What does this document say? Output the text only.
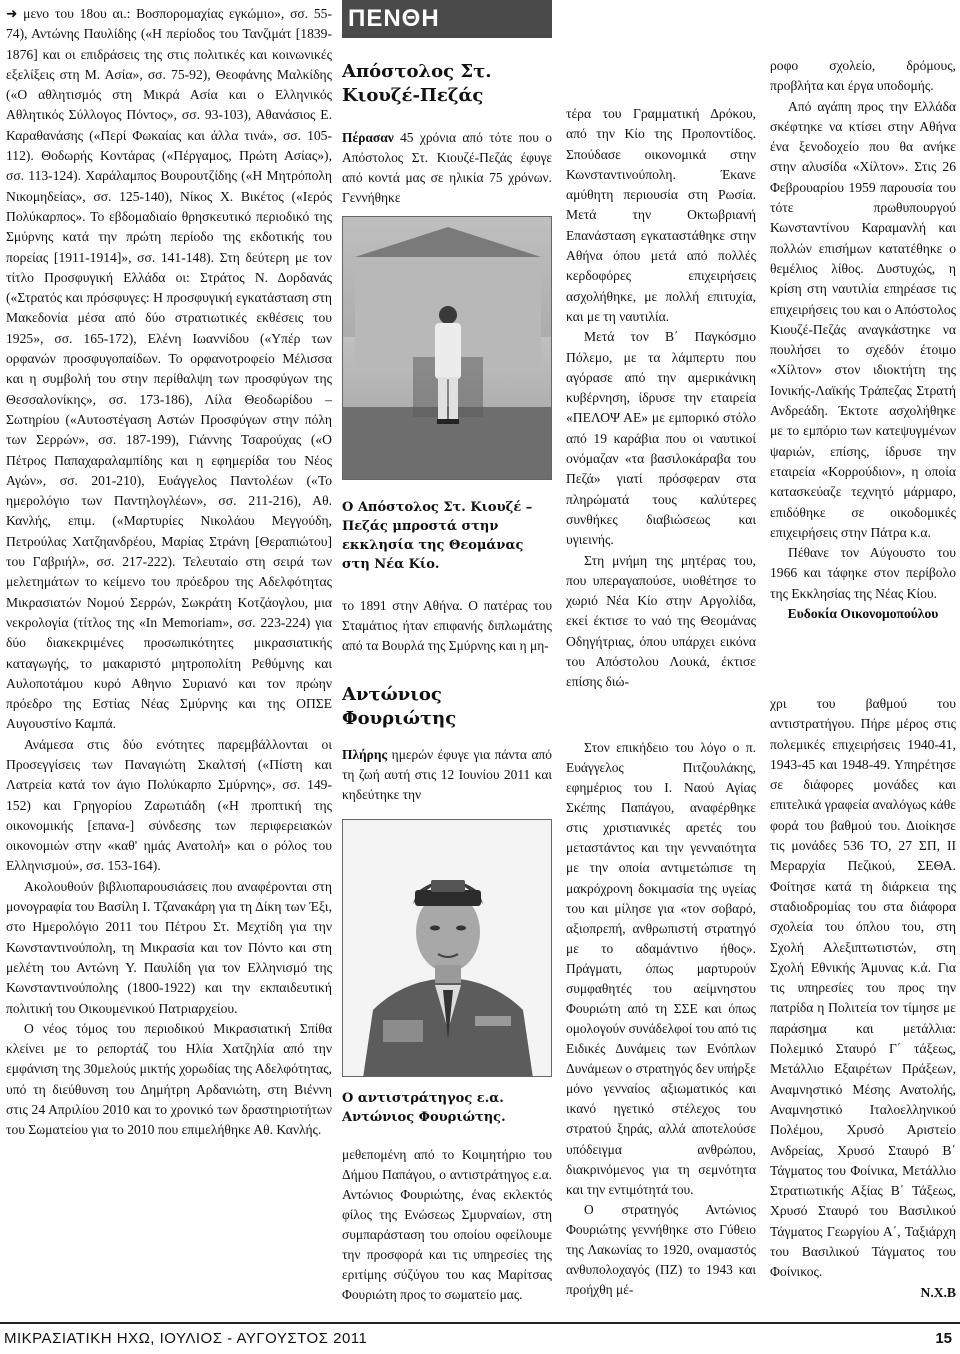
➜ μενο του 18ου αι.: Βοσπορομαχίας εγκώμιο», σσ. 55-74), Αντώνης Παυλίδης («Η περίοδος του Τανζιμάτ [1839-1876] και οι επιδράσεις της στις πολιτικές και κοινωνικές εξελίξεις στη Μ. Ασία», σσ. 75-92), Θεοφάνης Μαλκίδης («Ο αθλητισμός στη Μικρά Ασία και ο Ελληνικός Αθλητικός Σύλλογος Πόντος», σσ. 93-103), Αθανάσιος Ε. Καραθανάσης («Περί Φωκαίας και άλλα τινά», σσ. 105-112). Θοδωρής Κοντάρας («Πέργαμος, Πρώτη Ασίας»), σσ. 113-124). Χαράλαμπος Βουρουτζίδης («Η Μητρόπολη Νικομηδείας», σσ. 125-140), Νίκος Χ. Βικέτος («Ιερός Πολύκαρπος». Το εβδομαδιαίο θρησκευτικό περιοδικό της Σμύρνης κατά την πρώτη περίοδο της εκδοτικής του πορείας [1911-1914]», σσ. 141-148). Στη δεύτερη με τον τίτλο Προσφυγική Ελλάδα οι: Στράτος Ν. Δορδανάς («Στρατός και πρόσφυγες: Η προσφυγική εγκατάσταση στη Μακεδονία μέσα από δύο στρατιωτικές εκθέσεις του 1925», σσ. 165-172), Ελένη Ιωαννίδου («Υπέρ των ορφανών προσφυγοπαίδων. Το ορφανοτροφείο Μέλισσα και η συμβολή του στην περίθαλψη των προσφύγων της Θεσσαλονίκης», σσ. 173-186), Λίλα Θεοδωρίδου – Σωτηρίου («Αυτοστέγαση Αστών Προσφύγων στην πόλη των Σερρών», σσ. 187-199), Γιάννης Τσαρούχας («Ο Πέτρος Παπαχαραλαμπίδης και η εφημερίδα του Νέος Αγών», σσ. 201-210), Ευάγγελος Παντολέων («Το ημερολόγιο των Παντηλογλέων», σσ. 211-216), Αθ. Κανλής, επιμ. («Μαρτυρίες Νικολάου Μεγγούδη, Πετρούλας Χατζηανδρέου, Μαρίας Στράνη [Θεραπιώτου] του Γαβριήλ», σσ. 217-222). Τελευταίο στη σειρά των μελετημάτων το κείμενο του πρόεδρου της Αδελφότητας Μικρασιατών Νομού Σερρών, Σωκράτη Κοτζάογλου, μια νεκρολογία (τίτλος της «In Memoriam», σσ. 223-224) για δύο διακεκριμένες προσωπικότητες μικρασιατικής καταγωγής, το μακαριστό μητροπολίτη Ρεθύμνης και Αυλοποτάμου κυρό Αθηνιο Συριανό και τον πρώην πρόεδρο της Εστίας Νέας Σμύρνης και της ΟΠΣΕ Αυγουστίνο Καμπά.

Ανάμεσα στις δύο ενότητες παρεμβάλλονται οι Προσεγγίσεις των Παναγιώτη Σκαλτσή («Πίστη και Λατρεία κατά τον άγιο Πολύκαρπο Σμύρνης», σσ. 149-152) και Γρηγορίου Ζαρωτιάδη («Η προπτική της οικονομικής [επανα-] σύνδεσης των περιφερειακών οικονομιών στην «καθ' ημάς Ανατολή» και ο ρόλος του Ελληνισμού», σσ. 153-164).

Ακολουθούν βιβλιοπαρουσιάσεις που αναφέρονται στη μονογραφία του Βασίλη Ι. Τζανακάρη για τη Δίκη των Έξι, στο Ημερολόγιο 2011 του Πέτρου Στ. Μεχτίδη για την Κωνσταντινούπολη, τη Μικρασία και τον Πόντο και στη μελέτη του Αντώνη Υ. Παυλίδη για τον Ελληνισμό της Κωνσταντινούπολης (1800-1922) και την εκπαιδευτική πολιτική του Οικουμενικού Πατριαρχείου.

Ο νέος τόμος του περιοδικού Μικρασιατική Σπίθα κλείνει με το ρεπορτάζ του Ηλία Χατζηλία από την εμφάνιση της 30μελούς μικτής χορωδίας της Αδελφότητας, υπό τη διεύθυνση του Δημήτρη Αρδανιώτη, στη Βιέννη στις 24 Απριλίου 2010 και το χρονικό των δραστηριοτήτων του Σωματείου για το 2010 που επιμελήθηκε Αθ. Κανλής.

ΠΕΝΘΗ
Απόστολος Στ. Κιουζέ-Πεζάς

Πέρασαν 45 χρόνια από τότε που ο Απόστολος Στ. Κιουζέ-Πεζάς έφυγε από κοντά μας σε ηλικία 75 χρόνων. Γεννήθηκε

Ο Απόστολος Στ. Κιουζέ – Πεζάς μπροστά στην εκκλησία της Θεομάνας στη Νέα Κίο.

το 1891 στην Αθήνα. Ο πατέρας του Σταμάτιος ήταν επιφανής διπλωμάτης από τα Βουρλά της Σμύρνης και η μη-

Αντώνιος Φουριώτης

Πλήρης ημερών έφυγε για πάντα από τη ζωή αυτή στις 12 Ιουνίου 2011 και κηδεύτηκε την

Ο αντιστράτηγος ε.α. Αντώνιος Φουριώτης.

μεθεπομένη από το Κοιμητήριο του Δήμου Παπάγου, ο αντιστράτηγος ε.α. Αντώνιος Φουριώτης, ένας εκλεκτός φίλος της Ενώσεως Σμυρναίων, στη συμπαράσταση του οποίου οφείλουμε την προσφορά και τις υπηρεσίες της εριτίμης σύζύγου του κας Μαρίτσας Φουριώτη προς το σωματείο μας.

τέρα του Γραμματική Δρόκου, από την Κίο της Προποντίδος. Σπούδασε οικονομικά στην Κωνσταντινούπολη. Έκανε αμύθητη περιουσία στη Ρωσία. Μετά την Οκτωβριανή Επανάσταση εγκαταστάθηκε στην Αθήνα όπου μετά από πολλές κερδοφόρες επιχειρήσεις ασχολήθηκε, με πολλή επιτυχία, και με τη ναυτιλία.

Μετά τον Β΄ Παγκόσμιο Πόλεμο, με τα λάμπερτυ που αγόρασε από την αμερικάνικη κυβέρνηση, ίδρυσε την εταιρεία «ΠΕΛΟΨ ΑΕ» με εμπορικό στόλο από 19 καράβια που οι ναυτικοί ονόμαζαν «τα βασιλοκάραβα του Πεζά» γιατί πρόσφεραν στα πληρώματά τους καλύτερες συνθήκες διαβιώσεως και υγιεινής.

Στη μνήμη της μητέρας του, που υπεραγαπούσε, υιοθέτησε το χωριό Νέα Κίο στην Αργολίδα, εκεί έκτισε το ναό της Θεομάνας Οδηγήτριας, όπου υπάρχει εικόνα του Απόστολου Λουκά, έκτισε επίσης διώ-

ροφο σχολείο, δρόμους, προβλήτα και έργα υποδομής.

Από αγάπη προς την Ελλάδα σκέφτηκε να κτίσει στην Αθήνα ένα ξενοδοχείο που θα ανήκε στην αλυσίδα «Χίλτον». Στις 26 Φεβρουαρίου 1959 παρουσία του τότε πρωθυπουργού Κωνσταντίνου Καραμανλή και πολλών επισήμων κατατέθηκε ο θεμέλιος λίθος. Δυστυχώς, η κρίση στη ναυτιλία επηρέασε τις επιχειρήσεις του και ο Απόστολος Κιουζέ-Πεζάς αναγκάστηκε να πουλήσει το σχεδόν έτοιμο «Χίλτον» στον ιδιοκτήτη της Ιονικής-Λαϊκής Τράπεζας Στρατή Ανδρεάδη. Έκτοτε ασχολήθηκε με το εμπόριο των κατεψυγμένων ψαριών, επίσης, ίδρυσε την εταιρεία «Κορρούδιον», η οποία κατασκεύαζε τεχνητό μάρμαρο, επιδόθηκε σε οικοδομικές επιχειρήσεις στην Πάτρα κ.α.

Πέθανε τον Αύγουστο του 1966 και τάφηκε στον περίβολο της Εκκλησίας της Νέας Κίου.

Ευδοκία Οικονομοπούλου

Στον επικήδειο του λόγο ο π. Ευάγγελος Πιτζουλάκης, εφημέριος του Ι. Ναού Αγίας Σκέπης Παπάγου, αναφέρθηκε στις χριστιανικές αρετές του μεταστάντος και την γενναιότητα με την οποία αντιμετώπισε τη μακρόχρονη δοκιμασία της υγείας του και μίλησε για «τον σοβαρό, αξιοπρεπή, ανθρωπιστή στρατηγό με το αδαμάντινο ήθος». Πράγματι, όπως μαρτυρούν συμφαθητές του αείμνηστου Φουριώτη από τη ΣΣΕ και όπως ομολογούν συνάδελφοί του από τις Ειδικές Δυνάμεις των Ενόπλων Δυνάμεων ο στρατηγός δεν υπήρξε μόνο γενναίος αξιωματικός και ικανό ηγετικό στέλεχος του στρατού ξηράς, αλλά αποτελούσε υπόδειγμα ανθρώπου, διακρινόμενος για τη σεμνότητα και την εντιμότητά του.

Ο στρατηγός Αντώνιος Φουριώτης γεννήθηκε στο Γύθειο της Λακωνίας το 1920, οναμαστός ανθυπολοχαγός (ΠΖ) το 1943 και προήχθη μέ-

χρι του βαθμού του αντιστρατήγου. Πήρε μέρος στις πολεμικές επιχειρήσεις 1940-41, 1943-45 και 1948-49. Υπηρέτησε σε διάφορες μονάδες και επιτελικά γραφεία αναλόγως κάθε φορά του βαθμού του. Διοίκησε τις μονάδες 536 ΤΟ, 27 ΣΠ, ΙΙ Μεραρχία Πεζικού, ΣΕΘΑ. Φοίτησε κατά τη διάρκεια της σταδιοδρομίας του στα διάφορα σχολεία του όπλου του, στη Σχολή Αλεξιπτωτιστών, στη Σχολή Εθνικής Άμυνας κ.ά. Για τις υπηρεσίες του προς την πατρίδα η Πολιτεία τον τίμησε με παράσημα και μετάλλια: Πολεμικό Σταυρό Γ΄ τάξεως, Μετάλλιο Εξαιρέτων Πράξεων, Αναμνηστικό Μέσης Ανατολής, Αναμνηστικό Ιταλοελληνικού Πολέμου, Χρυσό Αριστείο Ανδρείας, Χρυσό Σταυρό Β΄ Τάγματος του Φοίνικα, Μετάλλιο Στρατιωτικής Αξίας Β΄ Τάξεως, Χρυσό Σταυρό του Βασιλικού Τάγματος Γεωργίου Α΄, Ταξιάρχη του Βασιλικού Τάγματος του Φοίνικος.

Ν.Χ.Β

ΜΙΚΡΑΣΙΑΤΙΚΗ ΗΧΩ, ΙΟΥΛΙΟΣ - ΑΥΓΟΥΣΤΟΣ 2011	15
